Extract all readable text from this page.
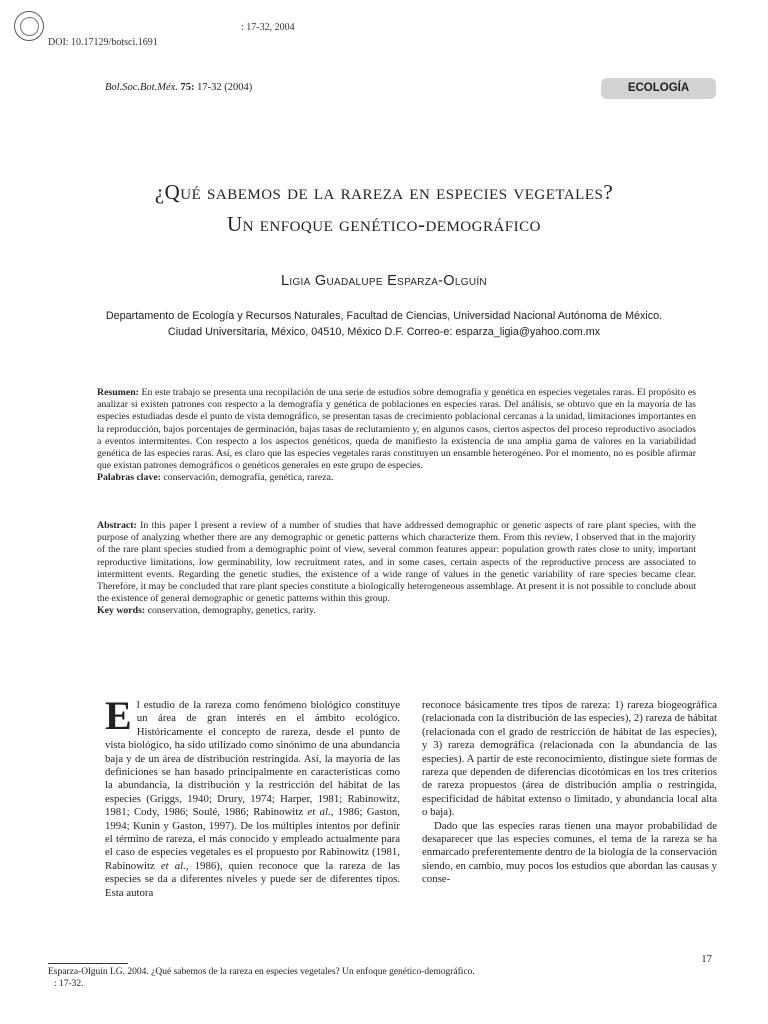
: 17-32, 2004
DOI: 10.17129/botsci.1691
Bol.Soc.Bot.Méx. 75: 17-32 (2004)	ECOLOGÍA
¿Qué sabemos de la rareza en especies vegetales?
Un enfoque genético-demográfico
Ligia Guadalupe Esparza-Olguín
Departamento de Ecología y Recursos Naturales, Facultad de Ciencias, Universidad Nacional Autónoma de México.
Ciudad Universitaria, México, 04510, México D.F. Correo-e: esparza_ligia@yahoo.com.mx
Resumen: En este trabajo se presenta una recopilación de una serie de estudios sobre demografía y genética en especies vegetales raras. El propósito es analizar si existen patrones con respecto a la demografía y genética de poblaciones en especies raras. Del análisis, se obtuvo que en la mayoría de las especies estudiadas desde el punto de vista demográfico, se presentan tasas de crecimiento poblacional cercanas a la unidad, limitaciones importantes en la reproducción, bajos porcentajes de germinación, bajas tasas de reclutamiento y, en algunos casos, ciertos aspectos del proceso reproductivo asociados a eventos intermitentes. Con respecto a los aspectos genéticos, queda de manifiesto la existencia de una amplia gama de valores en la variabilidad genética de las especies raras. Así, es claro que las especies vegetales raras constituyen un ensamble heterogéneo. Por el momento, no es posible afirmar que existan patrones demográficos o genéticos generales en este grupo de especies.
Palabras clave: conservación, demografía, genética, rareza.
Abstract: In this paper I present a review of a number of studies that have addressed demographic or genetic aspects of rare plant species, with the purpose of analyzing whether there are any demographic or genetic patterns which characterize them. From this review, I observed that in the majority of the rare plant species studied from a demographic point of view, several common features appear: population growth rates close to unity, important reproductive limitations, low germinability, low recruitment rates, and in some cases, certain aspects of the reproductive process are associated to intermittent events. Regarding the genetic studies, the existence of a wide range of values in the genetic variability of rare species became clear. Therefore, it may be concluded that rare plant species constitute a biologically heterogeneous assemblage. At present it is not possible to conclude about the existence of general demographic or genetic patterns within this group.
Key words: conservation, demography, genetics, rarity.

El estudio de la rareza como fenómeno biológico constituye un área de gran interés en el ámbito ecológico. Históricamente el concepto de rareza, desde el punto de vista biológico, ha sido utilizado como sinónimo de una abundancia baja y de un área de distribución restringida. Así, la mayoría de las definiciones se han basado principalmente en características como la abundancia, la distribución y la restricción del hábitat de las especies (Griggs, 1940; Drury, 1974; Harper, 1981; Rabinowitz, 1981; Cody, 1986; Soulé, 1986; Rabinowitz et al., 1986; Gaston, 1994; Kunin y Gaston, 1997). De los múltiples intentos por definir el término de rareza, el más conocido y empleado actualmente para el caso de especies vegetales es el propuesto por Rabinowitz (1981, Rabinowitz et al., 1986), quien reconoce que la rareza de las especies se da a diferentes niveles y puede ser de diferentes tipos. Esta autora

reconoce básicamente tres tipos de rareza: 1) rareza biogeográfica (relacionada con la distribución de las especies), 2) rareza de hábitat (relacionada con el grado de restricción de hábitat de las especies), y 3) rareza demográfica (relacionada con la abundancia de las especies). A partir de este reconocimiento, distingue siete formas de rareza que dependen de diferencias dicotómicas en los tres criterios de rareza propuestos (área de distribución amplia o restringida, especificidad de hábitat extenso o limitado, y abundancia local alta o baja).

Dado que las especies raras tienen una mayor probabilidad de desaparecer que las especies comunes, el tema de la rareza se ha enmarcado preferentemente dentro de la biología de la conservación siendo, en cambio, muy pocos los estudios que abordan las causas y conse-

17
Esparza-Olguín LG. 2004. ¿Qué sabemos de la rareza en especies vegetales? Un enfoque genético-demográfico.
: 17-32.
